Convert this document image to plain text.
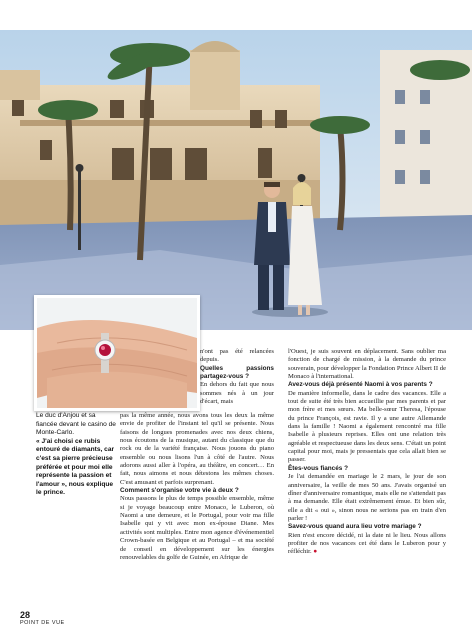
Le duc d'Anjou et sa fiancée devant le casino de Monte-Carlo.
« J'ai choisi ce rubis entouré de diamants, car c'est sa pierre précieuse préférée et pour moi elle représente la passion et l'amour », nous explique le prince.

n'ont pas été relancées depuis.

Quelles passions partagez-vous ?

En dehors du fait que nous sommes nés à un jour d'écart, mais

pas la même année, nous avons tous les deux la même envie de profiter de l'instant tel qu'il se présente. Nous faisons de longues promenades avec nos deux chiens, nous écoutons de la musique, autant du classique que du rock ou de la variété française. Nous jouons du piano ensemble ou nous lisons l'un à côté de l'autre. Nous adorons aussi aller à l'opéra, au théâtre, en concert… En fait, nous aimons et nous détestons les mêmes choses. C'est amusant et parfois surprenant.

Comment s'organise votre vie à deux ?

Nous passons le plus de temps possible ensemble, même si je voyage beaucoup entre Monaco, le Luberon, où Naomi a une demeure, et le Portugal, pour voir ma fille Isabelle qui y vit avec mon ex-épouse Diane. Mes activités sont multiples. Entre mon agence d'événementiel Crown-basée en Belgique et au Portugal – et ma société de conseil en développement sur les énergies renouvelables du golfe de Guinée, en Afrique de

l'Ouest, je suis souvent en déplacement. Sans oublier ma fonction de chargé de mission, à la demande du prince souverain, pour développer la Fondation Prince Albert II de Monaco à l'international.

Avez-vous déjà présenté Naomi à vos parents ?

De manière informelle, dans le cadre des vacances. Elle a tout de suite été très bien accueillie par mes parents et par mon frère et mes sœurs. Ma belle-sœur Theresa, l'épouse du prince François, est ravie. Il y a une autre Allemande dans la famille ! Naomi a également rencontré ma fille Isabelle à plusieurs reprises. Elles ont une relation très agréable et respectueuse dans les deux sens. C'était un point capital pour moi, mais je pressentais que cela allait bien se passer.

Êtes-vous fiancés ?

Je l'ai demandée en mariage le 2 mars, le jour de son anniversaire, la veille de mes 50 ans. J'avais organisé un dîner d'anniversaire romantique, mais elle ne s'attendait pas à ma demande. Elle était extrêmement émue. Et bien sûr, elle a dit « oui », sinon nous ne serions pas en train d'en parler !

Savez-vous quand aura lieu votre mariage ?

Rien n'est encore décidé, ni la date ni le lieu. Nous allons profiter de nos vacances cet été dans le Luberon pour y réfléchir. ●

28
POINT DE VUE
